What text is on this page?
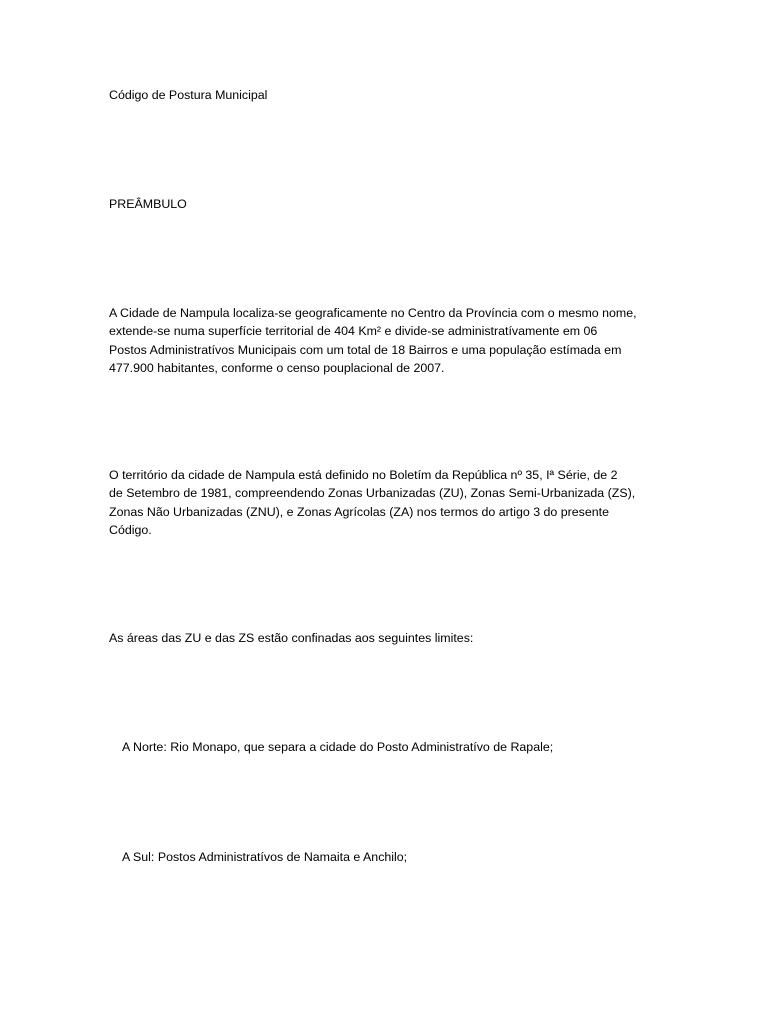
Código de Postura Municipal
PREÂMBULO
A Cidade de Nampula localiza-se geograficamente no Centro da Província com o mesmo nome,
extende-se numa superfície territorial de 404 Km² e divide-se administratívamente em 06
Postos Administratívos Municipais com um total de 18 Bairros e uma população estímada em
477.900 habitantes, conforme o censo pouplacional de 2007.
O território da cidade de Nampula está definido no Boletím da República nº 35, Iª Série, de 2
de Setembro de 1981, compreendendo Zonas Urbanizadas (ZU), Zonas Semi-Urbanizada (ZS),
Zonas Não Urbanizadas (ZNU), e Zonas Agrícolas (ZA) nos termos do artigo 3 do presente
Código.
As áreas das ZU e das ZS estão confinadas aos seguintes limites:
A Norte: Rio Monapo, que separa a cidade do Posto Administratívo de Rapale;
A Sul: Postos Administratívos de Namaita e Anchilo;
